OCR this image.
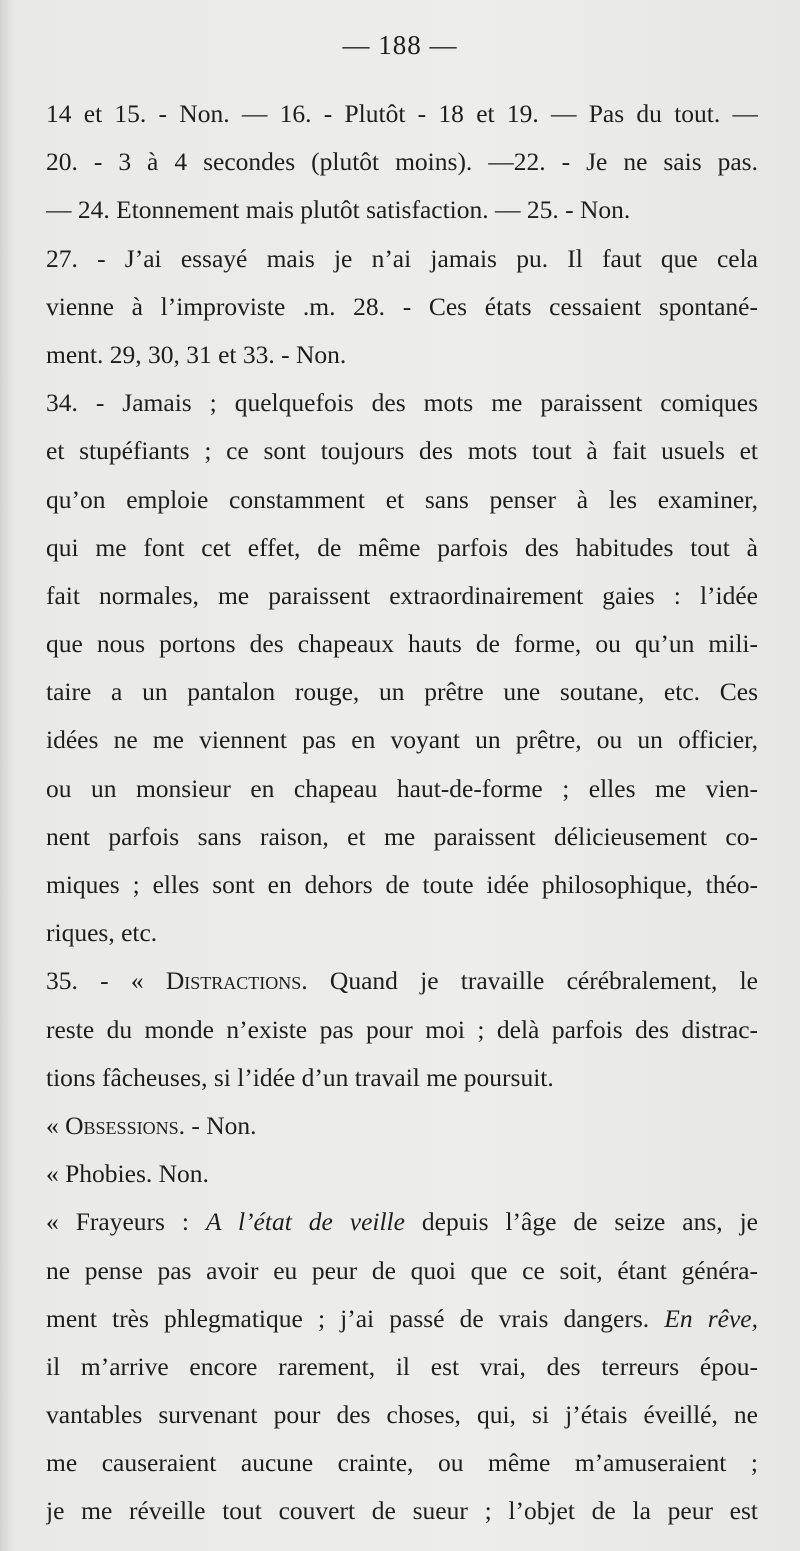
— 188 —
14 et 15. - Non. — 16. - Plutôt - 18 et 19. — Pas du tout. —
20. - 3 à 4 secondes (plutôt moins). —22. - Je ne sais pas.
— 24. Etonnement mais plutôt satisfaction. — 25. - Non.
27. - J’ai essayé mais je n’ai jamais pu. Il faut que cela
vienne à l’improviste .m. 28. - Ces états cessaient spontané-
ment. 29, 30, 31 et 33. - Non.
34. - Jamais ; quelquefois des mots me paraissent comiques
et stupéfiants ; ce sont toujours des mots tout à fait usuels et
qu’on emploie constamment et sans penser à les examiner,
qui me font cet effet, de même parfois des habitudes tout à
fait normales, me paraissent extraordinairement gaies : l’idée
que nous portons des chapeaux hauts de forme, ou qu’un mili-
taire a un pantalon rouge, un prêtre une soutane, etc. Ces
idées ne me viennent pas en voyant un prêtre, ou un officier,
ou un monsieur en chapeau haut-de-forme ; elles me vien-
nent parfois sans raison, et me paraissent délicieusement co-
miques ; elles sont en dehors de toute idée philosophique, théo-
riques, etc.
35. - « Distractions. Quand je travaille cérébralement, le
reste du monde n’existe pas pour moi ; delà parfois des distrac-
tions fâcheuses, si l’idée d’un travail me poursuit.
« Obsessions. - Non.
« Phobies. Non.
« Frayeurs : A l’état de veille depuis l’âge de seize ans, je
ne pense pas avoir eu peur de quoi que ce soit, étant généra-
ment très phlegmatique ; j’ai passé de vrais dangers. En rêve,
il m’arrive encore rarement, il est vrai, des terreurs épou-
vantables survenant pour des choses, qui, si j’étais éveillé, ne
me causeraient aucune crainte, ou même m’amuseraient ;
je me réveille tout couvert de sueur ; l’objet de la peur est
